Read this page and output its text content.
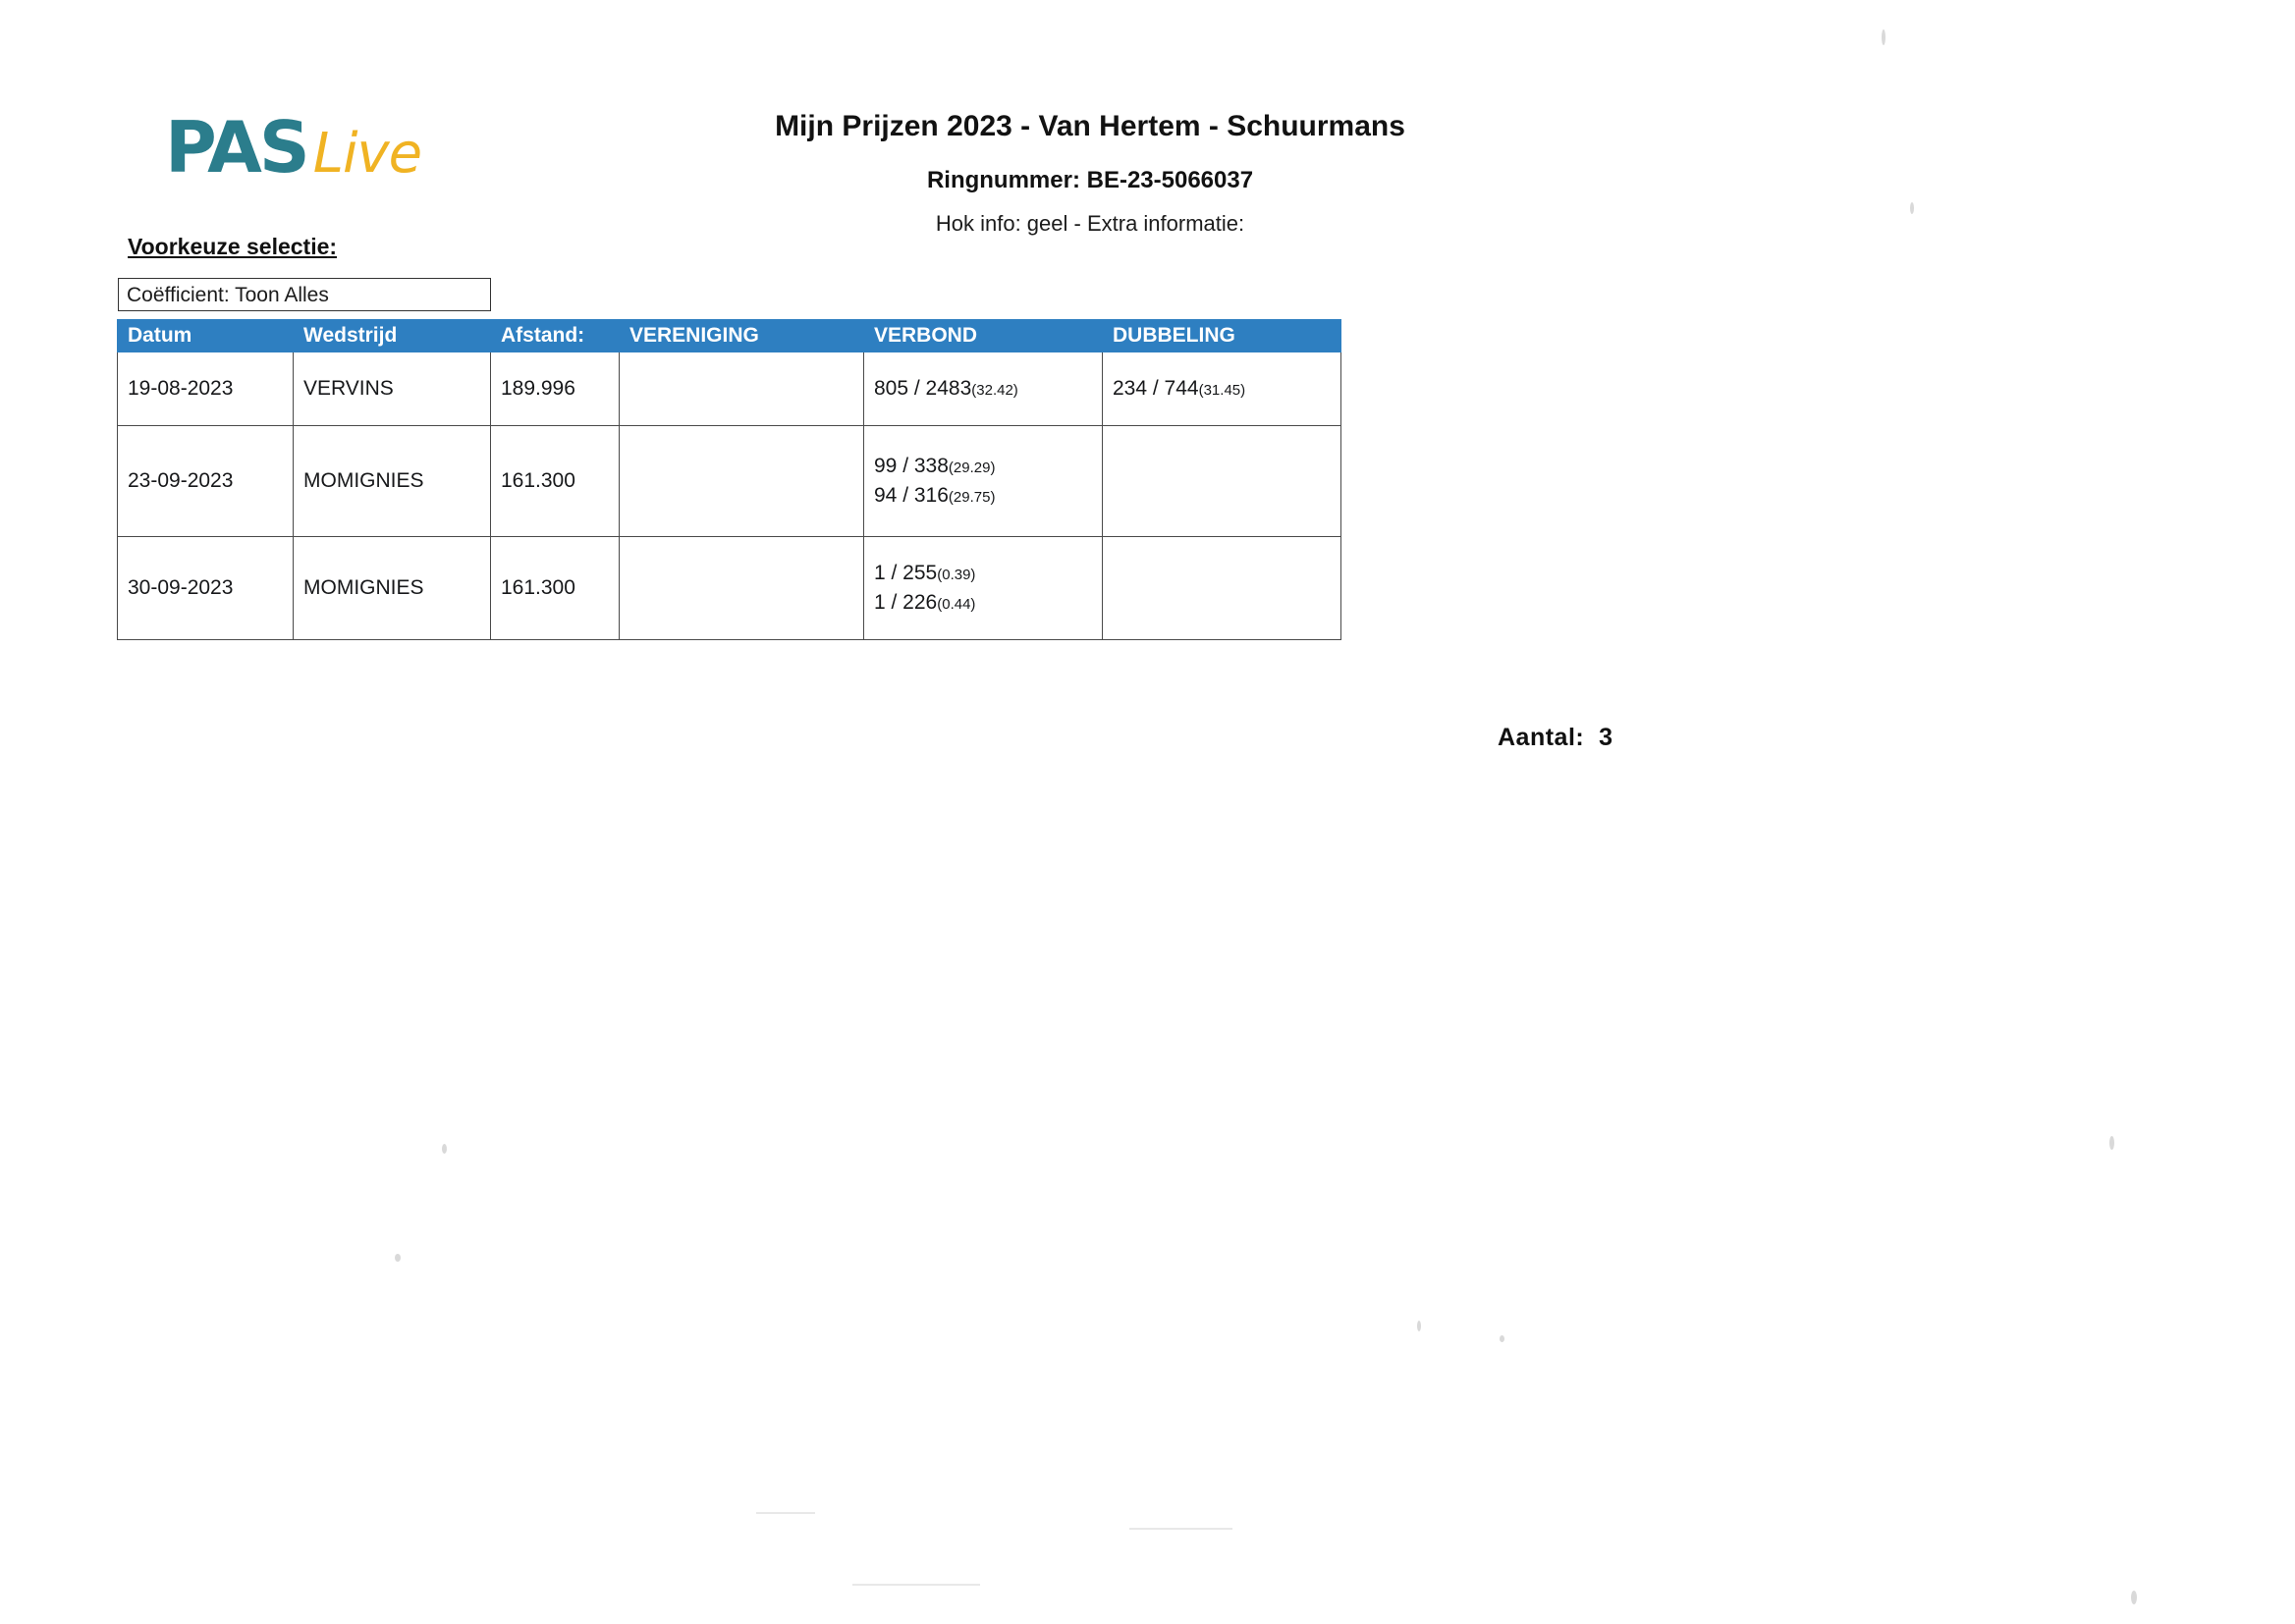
PAS Live	Mijn Prijzen 2023 - Van Hertem - Schuurmans
Ringnummer: BE-23-5066037
Hok info: geel - Extra informatie:
Voorkeuze selectie:
Coëfficient: Toon Alles
Datum	Wedstrijd	Afstand:	VERENIGING	VERBOND	DUBBELING
19-08-2023	VERVINS	189.996		805 / 2483(32.42)	234 / 744(31.45)

23-09-2023	MOMIGNIES	161.300		99 / 338(29.29)
94 / 316(29.75)	

30-09-2023	MOMIGNIES	161.300		1 / 255(0.39)
1 / 226(0.44)	

Aantal: 3
